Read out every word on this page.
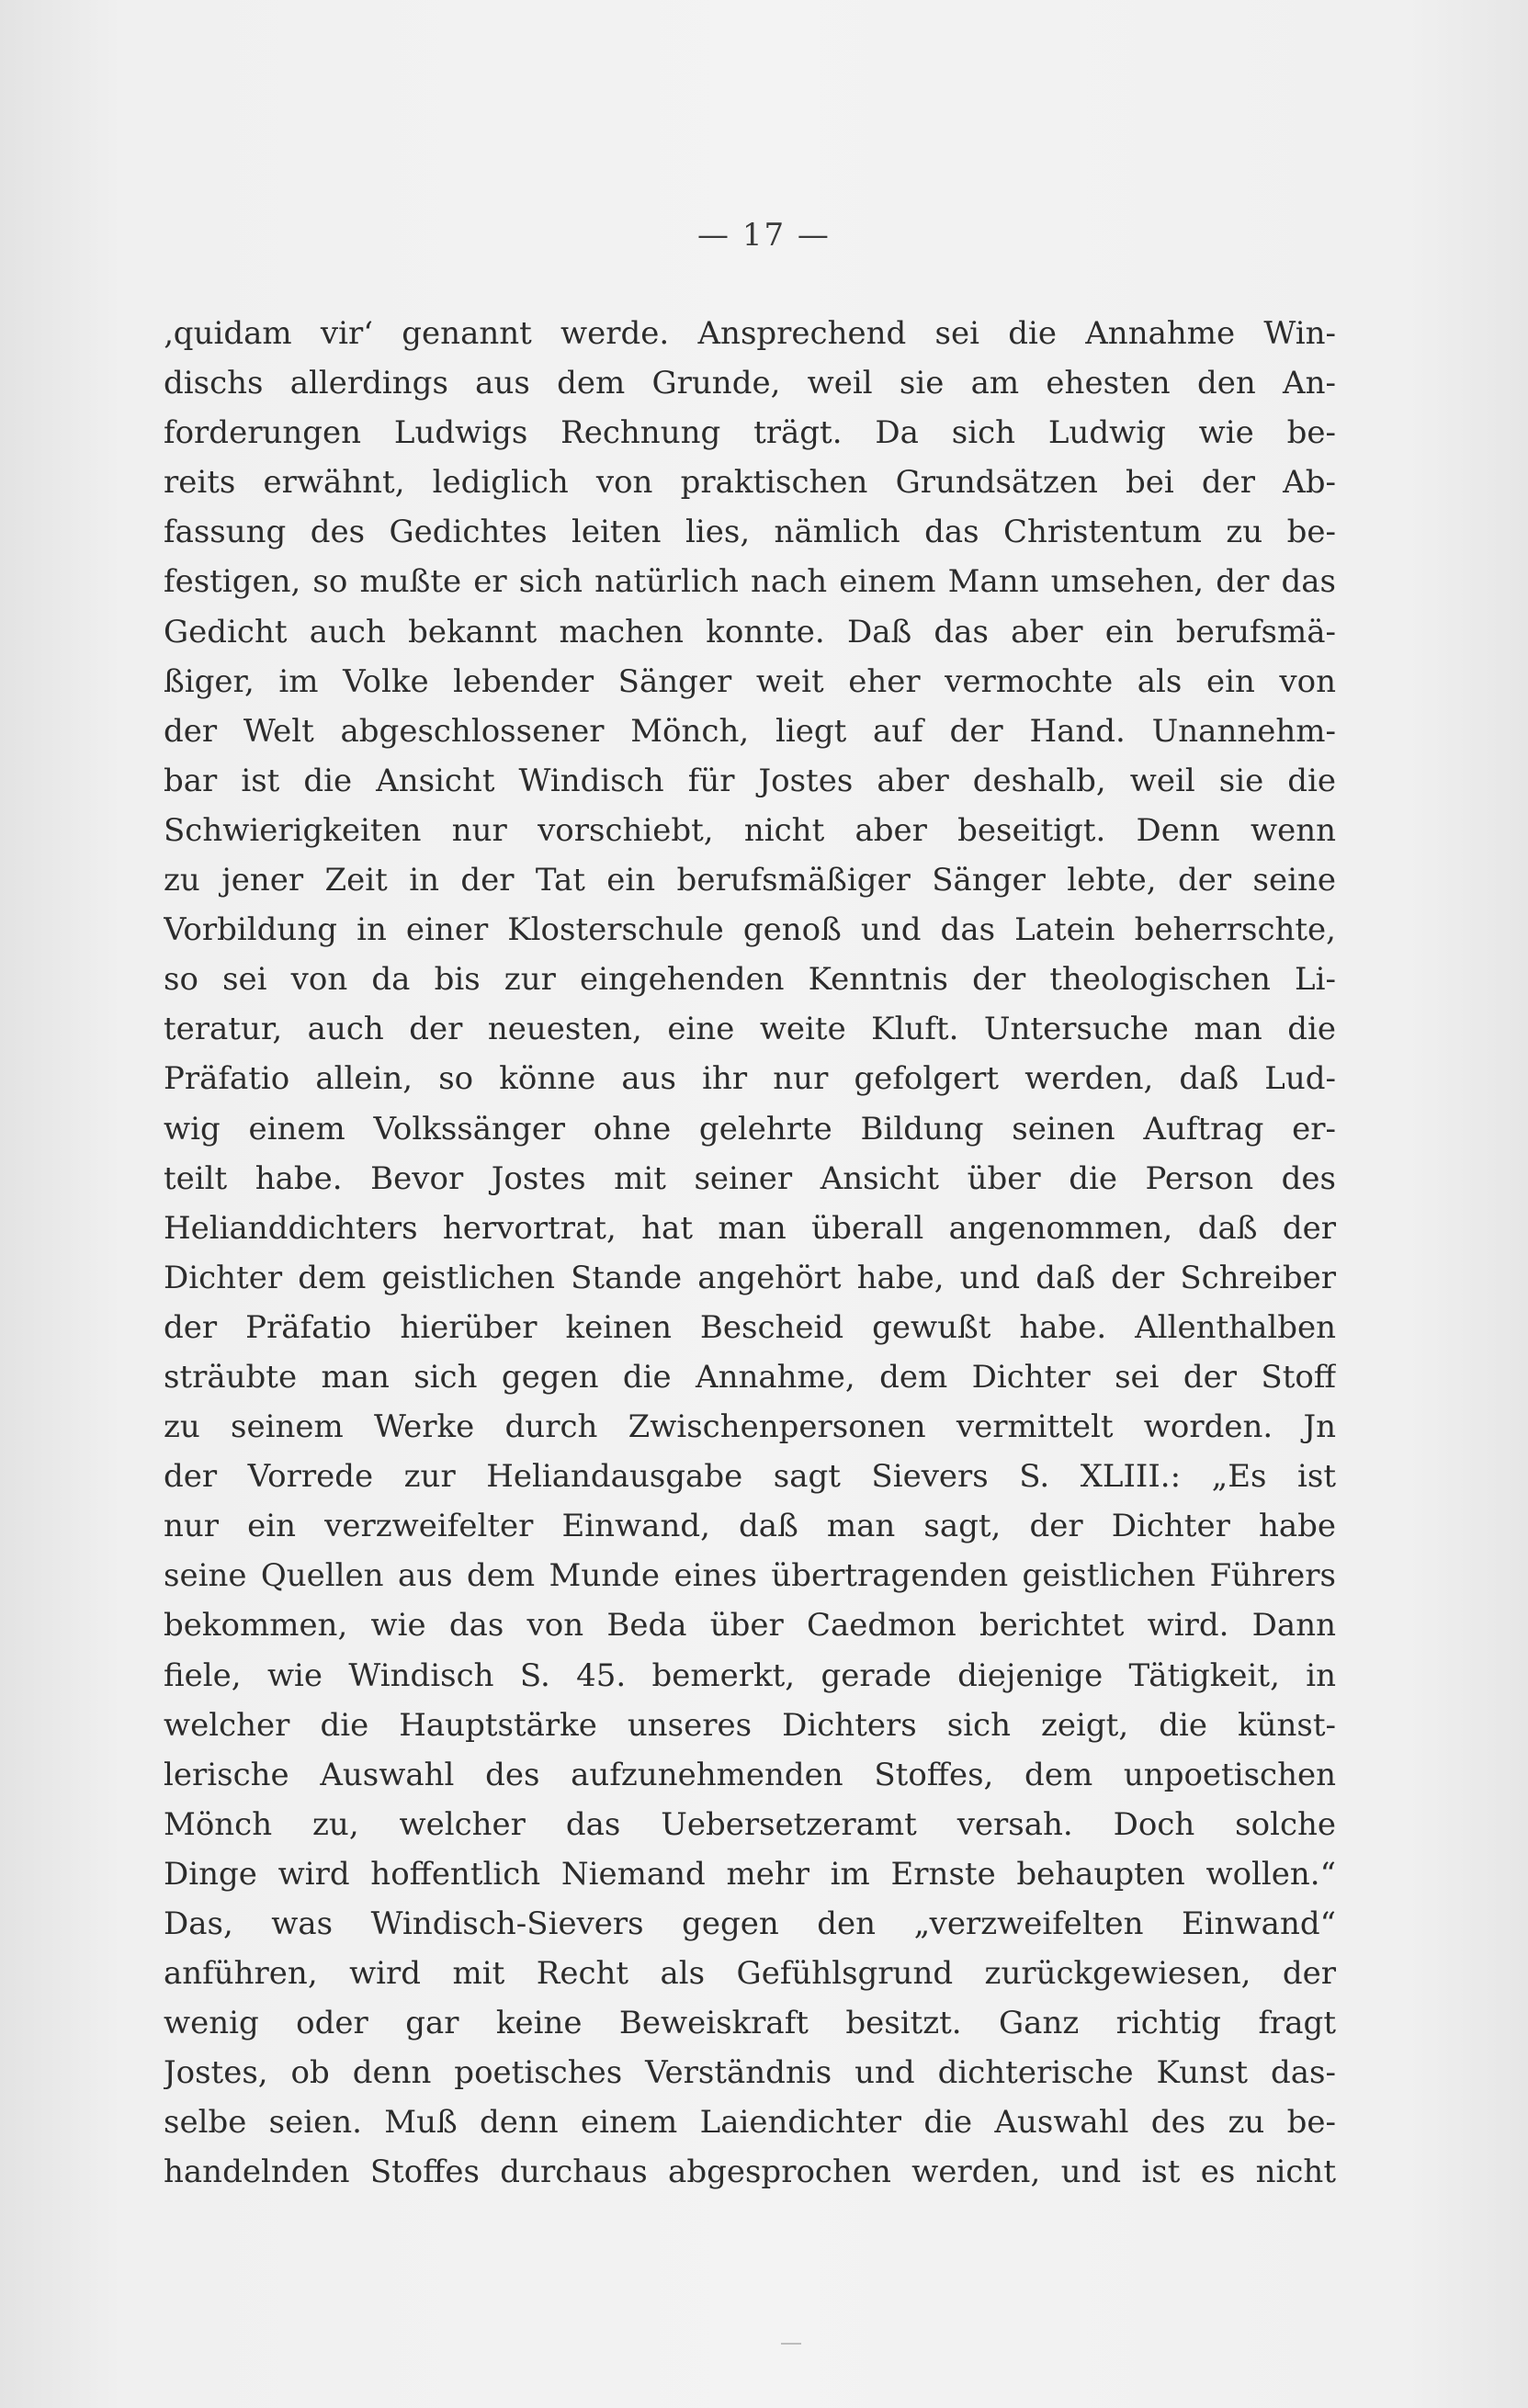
— 17 —
‚quidam vir‘ genannt werde. Ansprechend sei die Annahme Win-
dischs allerdings aus dem Grunde, weil sie am ehesten den An-
forderungen Ludwigs Rechnung trägt. Da sich Ludwig wie be-
reits erwähnt, lediglich von praktischen Grundsätzen bei der Ab-
fassung des Gedichtes leiten lies, nämlich das Christentum zu be-
festigen, so mußte er sich natürlich nach einem Mann umsehen, der das
Gedicht auch bekannt machen konnte. Daß das aber ein berufsmä-
ßiger, im Volke lebender Sänger weit eher vermochte als ein von
der Welt abgeschlossener Mönch, liegt auf der Hand. Unannehm-
bar ist die Ansicht Windisch für Jostes aber deshalb, weil sie die
Schwierigkeiten nur vorschiebt, nicht aber beseitigt. Denn wenn
zu jener Zeit in der Tat ein berufsmäßiger Sänger lebte, der seine
Vorbildung in einer Klosterschule genoß und das Latein beherrschte,
so sei von da bis zur eingehenden Kenntnis der theologischen Li-
teratur, auch der neuesten, eine weite Kluft. Untersuche man die
Präfatio allein, so könne aus ihr nur gefolgert werden, daß Lud-
wig einem Volkssänger ohne gelehrte Bildung seinen Auftrag er-
teilt habe. Bevor Jostes mit seiner Ansicht über die Person des
Helianddichters hervortrat, hat man überall angenommen, daß der
Dichter dem geistlichen Stande angehört habe, und daß der Schreiber
der Präfatio hierüber keinen Bescheid gewußt habe. Allenthalben
sträubte man sich gegen die Annahme, dem Dichter sei der Stoff
zu seinem Werke durch Zwischenpersonen vermittelt worden. Jn
der Vorrede zur Heliandausgabe sagt Sievers S. XLIII.: „Es ist
nur ein verzweifelter Einwand, daß man sagt, der Dichter habe
seine Quellen aus dem Munde eines übertragenden geistlichen Führers
bekommen, wie das von Beda über Caedmon berichtet wird. Dann
fiele, wie Windisch S. 45. bemerkt, gerade diejenige Tätigkeit, in
welcher die Hauptstärke unseres Dichters sich zeigt, die künst-
lerische Auswahl des aufzunehmenden Stoffes, dem unpoetischen
Mönch zu, welcher das Uebersetzeramt versah. Doch solche
Dinge wird hoffentlich Niemand mehr im Ernste behaupten wollen.“
Das, was Windisch-Sievers gegen den „verzweifelten Einwand“
anführen, wird mit Recht als Gefühlsgrund zurückgewiesen, der
wenig oder gar keine Beweiskraft besitzt. Ganz richtig fragt
Jostes, ob denn poetisches Verständnis und dichterische Kunst das-
selbe seien. Muß denn einem Laiendichter die Auswahl des zu be-
handelnden Stoffes durchaus abgesprochen werden, und ist es nicht
